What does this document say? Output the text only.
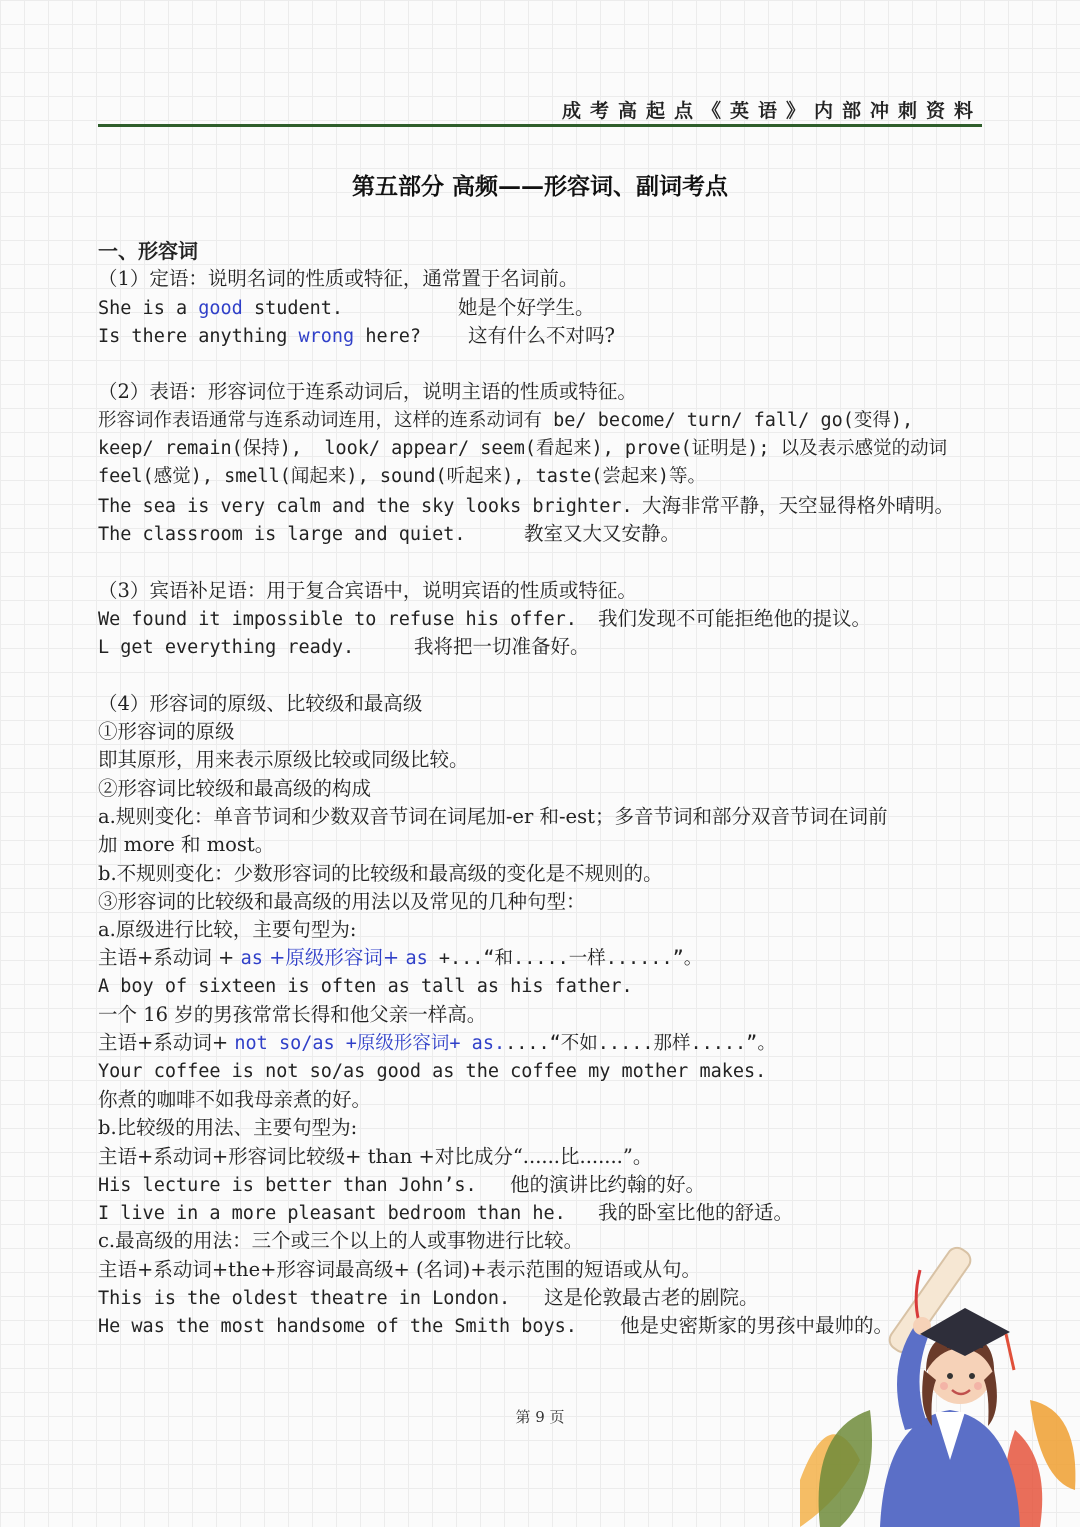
成考高起点《英语》内部冲刺资料
第五部分 高频——形容词、副词考点
一、形容词
（1）定语：说明名词的性质或特征，通常置于名词前。
She is a good student.	她是个好学生。
Is there anything wrong here? 这有什么不对吗?
（2）表语：形容词位于连系动词后，说明主语的性质或特征。
形容词作表语通常与连系动词连用，这样的连系动词有 be/ become/ turn/ fall/ go(变得),
keep/ remain(保持),  look/ appear/ seem(看起来), prove(证明是); 以及表示感觉的动词
feel(感觉), smell(闻起来), sound(听起来), taste(尝起来)等。
The sea is very calm and the sky looks brighter. 大海非常平静，天空显得格外晴明。
The classroom is large and quiet.	教室又大又安静。
（3）宾语补足语：用于复合宾语中，说明宾语的性质或特征。
We found it impossible to refuse his offer. 我们发现不可能拒绝他的提议。
L get everything ready.	我将把一切准备好。
（4）形容词的原级、比较级和最高级
①形容词的原级
即其原形，用来表示原级比较或同级比较。
②形容词比较级和最高级的构成
a.规则变化：单音节词和少数双音节词在词尾加-er 和-est；多音节词和部分双音节词在词前
加 more 和 most。
b.不规则变化：少数形容词的比较级和最高级的变化是不规则的。
③形容词的比较级和最高级的用法以及常见的几种句型：
a.原级进行比较，主要句型为:
主语+系动词 + as +原级形容词+ as +...“和.....一样......”。
A boy of sixteen is often as tall as his father.
一个 16 岁的男孩常常长得和他父亲一样高。
主语+系动词+ not so/as +原级形容词+ as.....“不如.....那样.....”。
Your coffee is not so/as good as the coffee my mother makes.
你煮的咖啡不如我母亲煮的好。
b.比较级的用法、主要句型为:
主语+系动词+形容词比较级+ than +对比成分“......比.......”。
His lecture is better than John’s. 他的演讲比约翰的好。
I live in a more pleasant bedroom than he. 我的卧室比他的舒适。
c.最高级的用法：三个或三个以上的人或事物进行比较。
主语+系动词+the+形容词最高级+ (名词)+表示范围的短语或从句。
This is the oldest theatre in London. 这是伦敦最古老的剧院。
He was the most handsome of the Smith boys. 他是史密斯家的男孩中最帅的。
第 9 页
